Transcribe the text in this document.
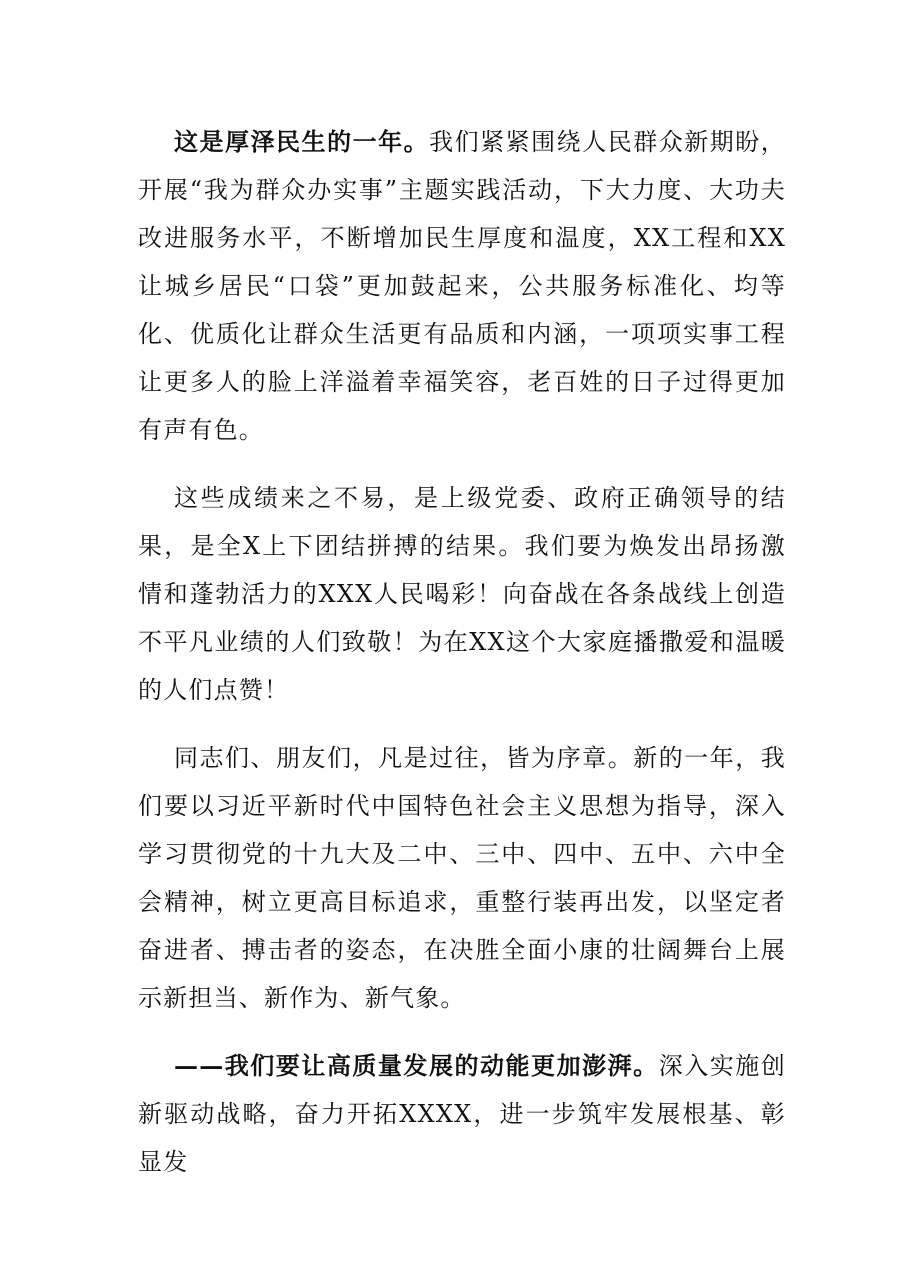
这是厚泽民生的一年。我们紧紧围绕人民群众新期盼，开展“我为群众办实事”主题实践活动，下大力度、大功夫改进服务水平，不断增加民生厚度和温度，XX工程和XX让城乡居民“口袋”更加鼓起来，公共服务标准化、均等化、优质化让群众生活更有品质和内涵，一项项实事工程让更多人的脸上洋溢着幸福笑容，老百姓的日子过得更加有声有色。

这些成绩来之不易，是上级党委、政府正确领导的结果，是全X上下团结拼搏的结果。我们要为焕发出昂扬激情和蓬勃活力的XXX人民喝彩！向奋战在各条战线上创造不平凡业绩的人们致敬！为在XX这个大家庭播撒爱和温暖的人们点赞！

同志们、朋友们，凡是过往，皆为序章。新的一年，我们要以习近平新时代中国特色社会主义思想为指导，深入学习贯彻党的十九大及二中、三中、四中、五中、六中全会精神，树立更高目标追求，重整行装再出发，以坚定者奋进者、搏击者的姿态，在决胜全面小康的壮阔舞台上展示新担当、新作为、新气象。

——我们要让高质量发展的动能更加澎湃。深入实施创新驱动战略，奋力开拓XXXX，进一步筑牢发展根基、彰显发
